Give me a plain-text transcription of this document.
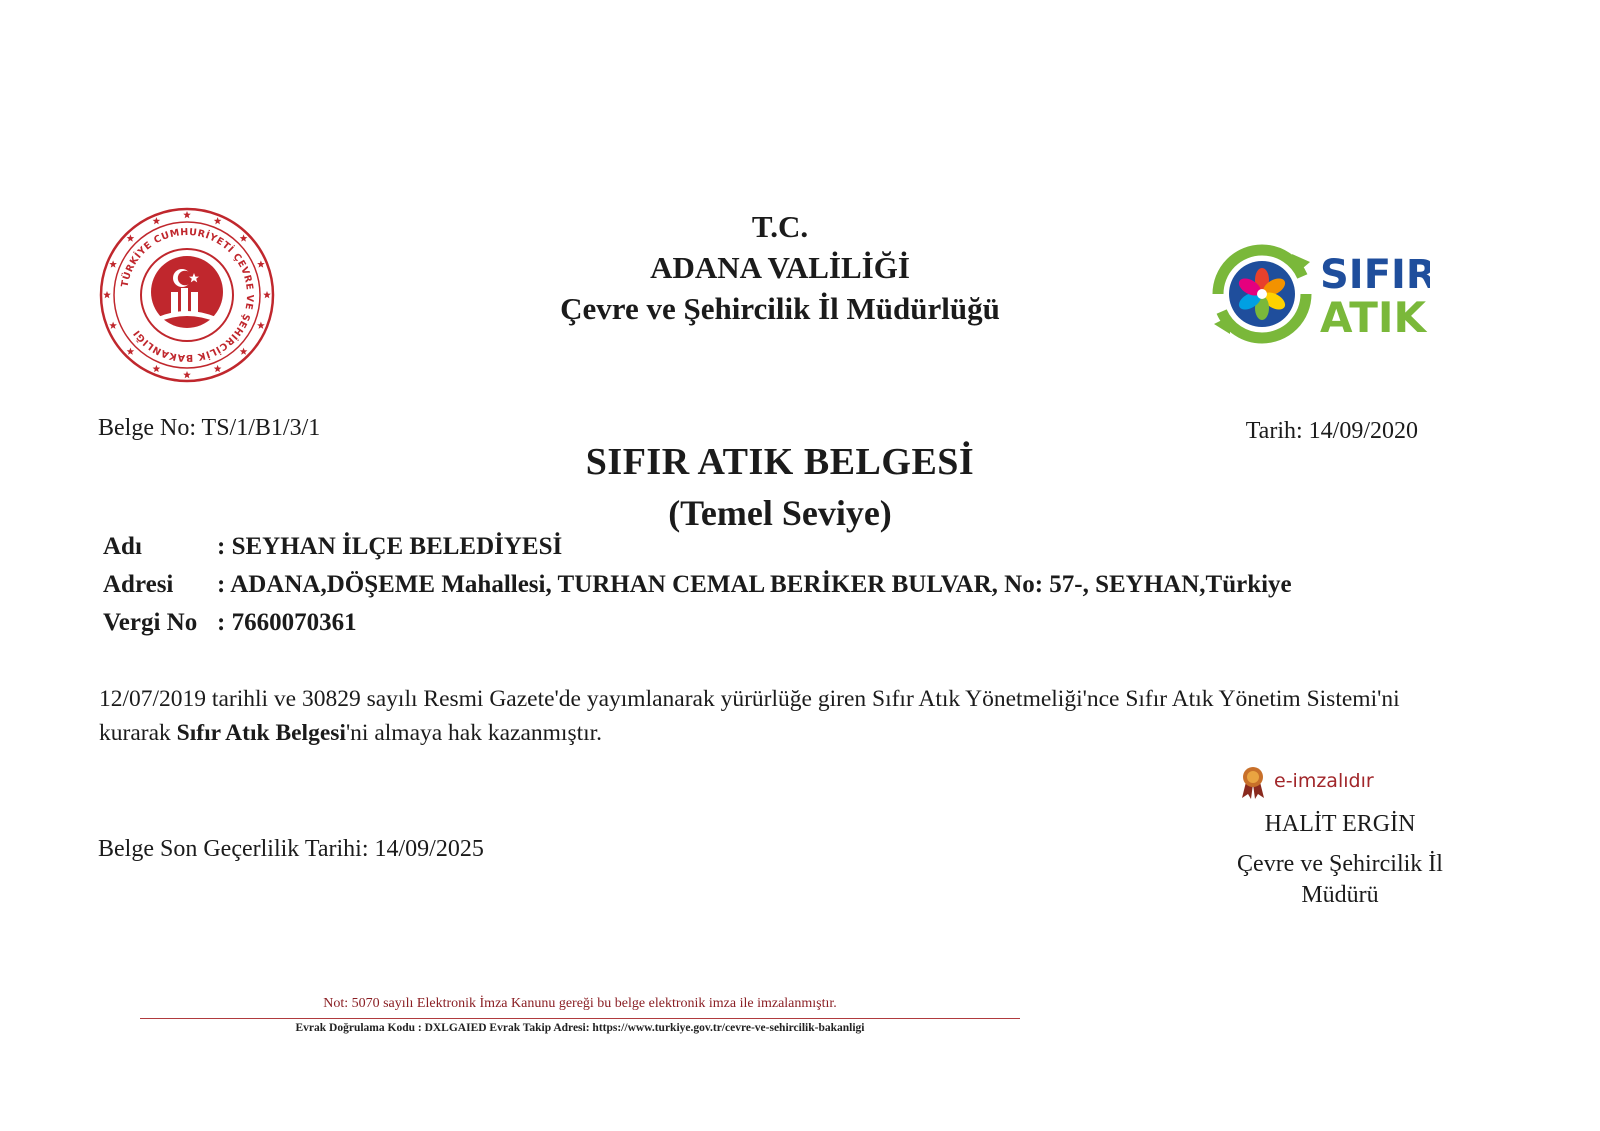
TÜRKİYE CUMHURİYETİ ÇEVRE VE ŞEHİRCİLİK BAKANLIĞI
T.C.
ADANA VALİLİĞİ
Çevre ve Şehircilik İl Müdürlüğü
SIFIR
ATIK
Belge No: TS/1/B1/3/1	Tarih: 14/09/2020
SIFIR ATIK BELGESİ
(Temel Seviye)
Adı	: SEYHAN İLÇE BELEDİYESİ
Adresi : ADANA,DÖŞEME Mahallesi, TURHAN CEMAL BERİKER BULVAR, No: 57-, SEYHAN,Türkiye
Vergi No : 7660070361
12/07/2019 tarihli ve 30829 sayılı Resmi Gazete'de yayımlanarak yürürlüğe giren Sıfır Atık Yönetmeliği'nce Sıfır Atık Yönetim Sistemi'ni kurarak Sıfır Atık Belgesi'ni almaya hak kazanmıştır.
Belge Son Geçerlilik Tarihi: 14/09/2025
e-imzalıdır
HALİT ERGİN
Çevre ve Şehircilik İl
Müdürü
Not: 5070 sayılı Elektronik İmza Kanunu gereği bu belge elektronik imza ile imzalanmıştır.
Evrak Doğrulama Kodu : DXLGAIED Evrak Takip Adresi: https://www.turkiye.gov.tr/cevre-ve-sehircilik-bakanligi
